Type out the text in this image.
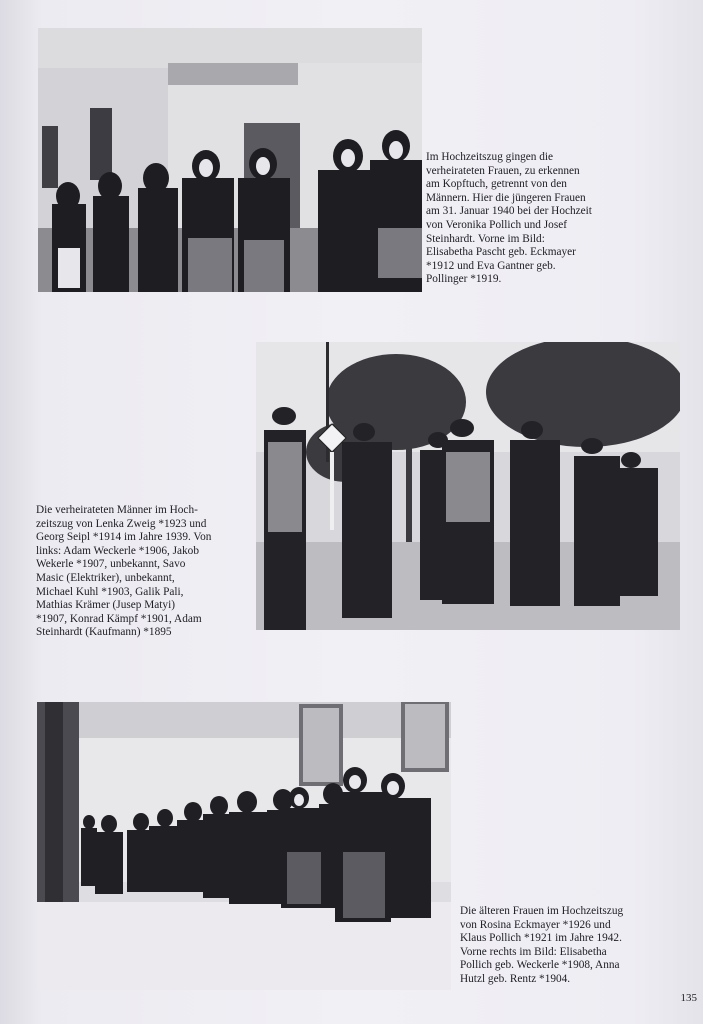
Im Hochzeitszug gingen die
verheirateten Frauen, zu erkennen
am Kopftuch, getrennt von den
Männern. Hier die jüngeren Frauen
am 31. Januar 1940 bei der Hochzeit
von Veronika Pollich und Josef
Steinhardt. Vorne im Bild:
Elisabetha Pascht geb. Eckmayer
*1912 und Eva Gantner geb.
Pollinger *1919.
Die verheirateten Männer im Hoch-
zeitszug von Lenka Zweig *1923 und
Georg Seipl *1914 im Jahre 1939. Von
links: Adam Weckerle *1906, Jakob
Wekerle *1907, unbekannt, Savo
Masic (Elektriker), unbekannt,
Michael Kuhl *1903, Galik Pali,
Mathias Krämer (Jusep Matyi)
*1907, Konrad Kämpf *1901, Adam
Steinhardt (Kaufmann) *1895
Die älteren Frauen im Hochzeitszug
von Rosina Eckmayer *1926 und
Klaus Pollich *1921 im Jahre 1942.
Vorne rechts im Bild: Elisabetha
Pollich geb. Weckerle *1908, Anna
Hutzl geb. Rentz *1904.
135
